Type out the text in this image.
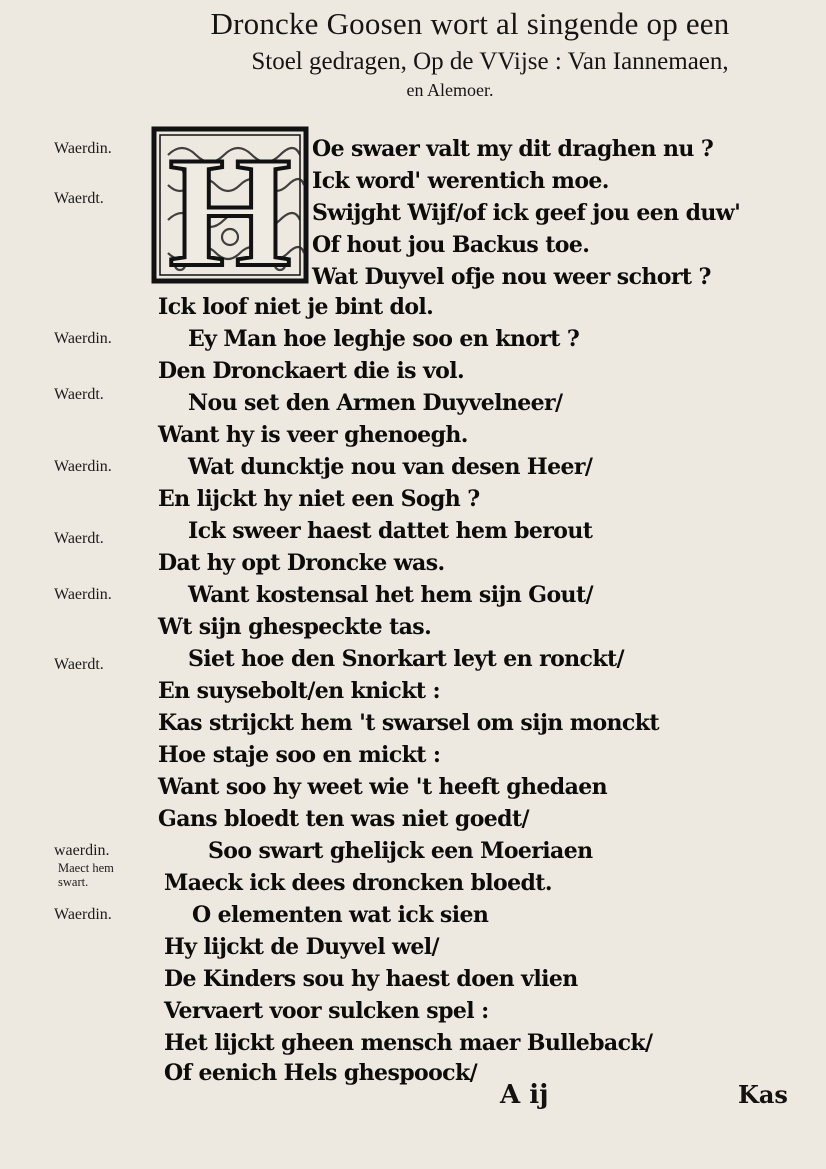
Droncke Goosen wort al singende op een
Stoel gedragen, Op de VVijse : Van Iannemaen,
en Alemoer.
H Oe swaer valt my dit draghen nu ?
Waerdin.
Ick word' werentich moe.
Swijght Wijf/of ick geef jou een duw'
Waerdt.
Of hout jou Backus toe.
Wat Duyvel ofje nou weer schort ?
Ick loof niet je bint dol.
Ey Man hoe leghje soo en knort ?
Waerdin.
Den Dronckaert die is vol.
Nou set den Armen Duyvelneer/
Waerdt.
Want hy is veer ghenoegh.
Wat duncktje nou van desen Heer/
Waerdin.
En lijckt hy niet een Sogh ?
Ick sweer haest dattet hem berout
Waerdt.
Dat hy opt Droncke was.
Want kostensal het hem sijn Gout/
Waerdin.
Wt sijn ghespeckte tas.
Siet hoe den Snorkart leyt en ronckt/
Waerdt.
En suysebolt/en knickt :
Kas strijckt hem 't swarsel om sijn monckt
Hoe staje soo en mickt :
Want soo hy weet wie 't heeft ghedaen
Gans bloedt ten was niet goedt/
Soo swart ghelijck een Moeriaen
waerdin.
Maeck ick dees droncken bloedt.
O elementen wat ick sien
Waerdin.
Hy lijckt de Duyvel wel/
De Kinders sou hy haest doen vlien
Vervaert voor sulcken spel :
Het lijckt gheen mensch maer Bulleback/
Of eenich Hels ghespoock/
Maect hem
swart.
A ij	Kas
